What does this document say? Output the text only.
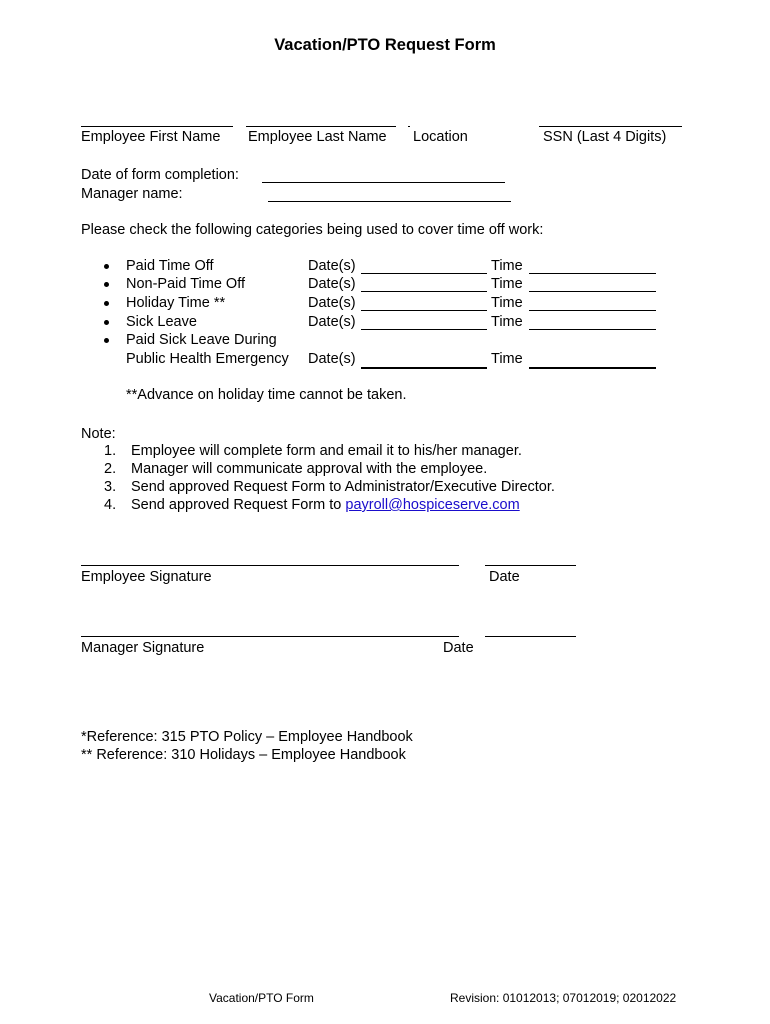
Vacation/PTO Request Form
Employee First Name Employee Last Name Location	SSN (Last 4 Digits)
Date of form completion:
Manager name:
Please check the following categories being used to cover time off work:
Paid Time Off	Date(s)	Time
Non-Paid Time Off	Date(s)	Time
Holiday Time **	Date(s)	Time
Sick Leave	Date(s)	Time
Paid Sick Leave During
Public Health Emergency Date(s)	Time
**Advance on holiday time cannot be taken.
Note:
1. Employee will complete form and email it to his/her manager.
2. Manager will communicate approval with the employee.
3. Send approved Request Form to Administrator/Executive Director.
4. Send approved Request Form to payroll@hospiceserve.com
Employee Signature	Date
Manager Signature	Date
*Reference: 315 PTO Policy – Employee Handbook
** Reference: 310 Holidays – Employee Handbook
Vacation/PTO Form	Revision: 01012013; 07012019; 02012022
